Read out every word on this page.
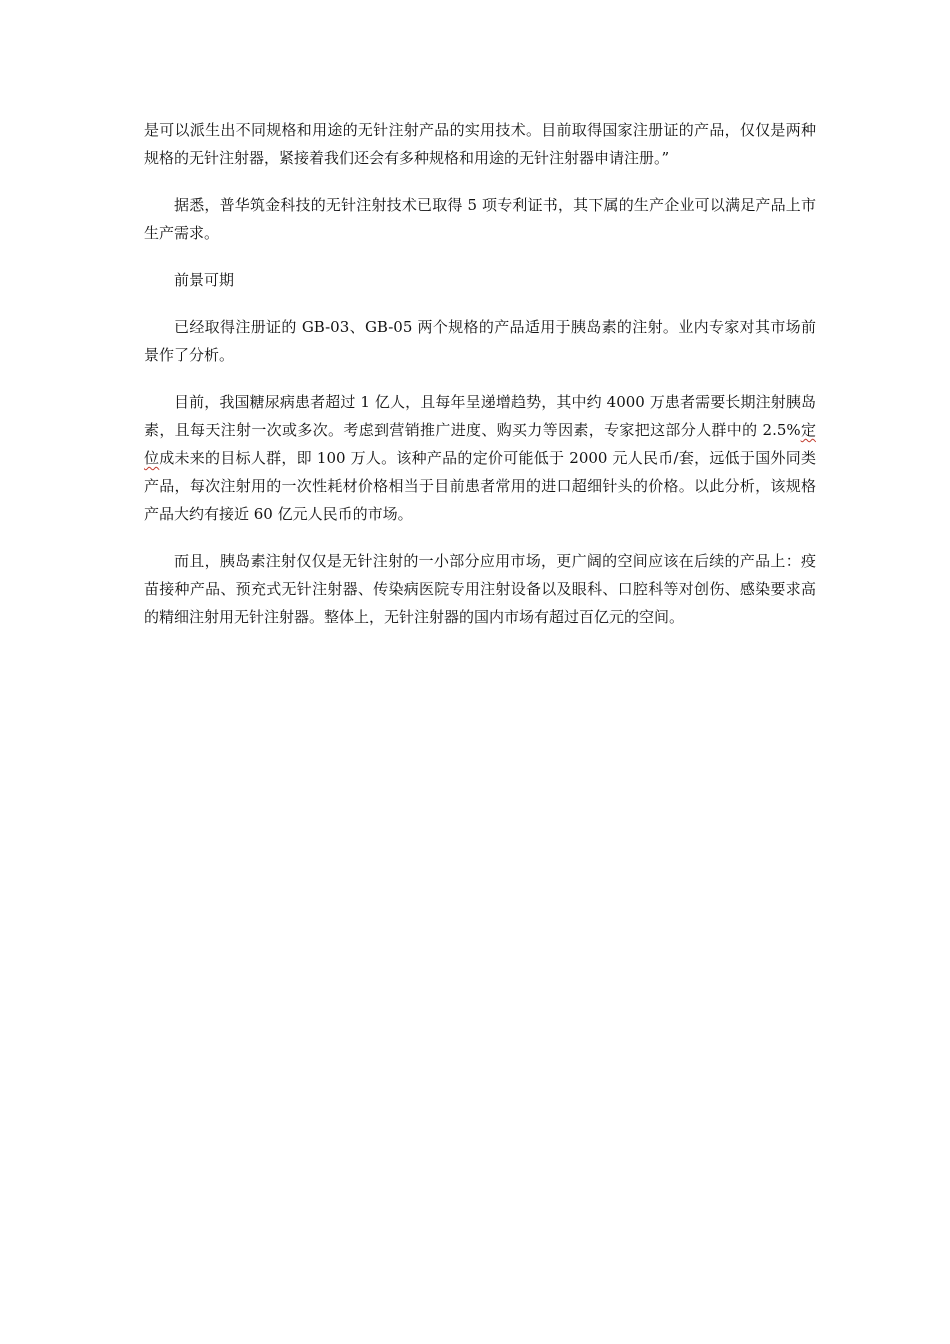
是可以派生出不同规格和用途的无针注射产品的实用技术。目前取得国家注册证的产品，仅仅是两种规格的无针注射器，紧接着我们还会有多种规格和用途的无针注射器申请注册。”

据悉，普华筑金科技的无针注射技术已取得 5 项专利证书，其下属的生产企业可以满足产品上市生产需求。

前景可期

已经取得注册证的 GB-03、GB-05 两个规格的产品适用于胰岛素的注射。业内专家对其市场前景作了分析。

目前，我国糖尿病患者超过 1 亿人，且每年呈递增趋势，其中约 4000 万患者需要长期注射胰岛素，且每天注射一次或多次。考虑到营销推广进度、购买力等因素，专家把这部分人群中的 2.5%定位成未来的目标人群，即 100 万人。该种产品的定价可能低于 2000 元人民币/套，远低于国外同类产品，每次注射用的一次性耗材价格相当于目前患者常用的进口超细针头的价格。以此分析，该规格产品大约有接近 60 亿元人民币的市场。

而且，胰岛素注射仅仅是无针注射的一小部分应用市场，更广阔的空间应该在后续的产品上：疫苗接种产品、预充式无针注射器、传染病医院专用注射设备以及眼科、口腔科等对创伤、感染要求高的精细注射用无针注射器。整体上，无针注射器的国内市场有超过百亿元的空间。
